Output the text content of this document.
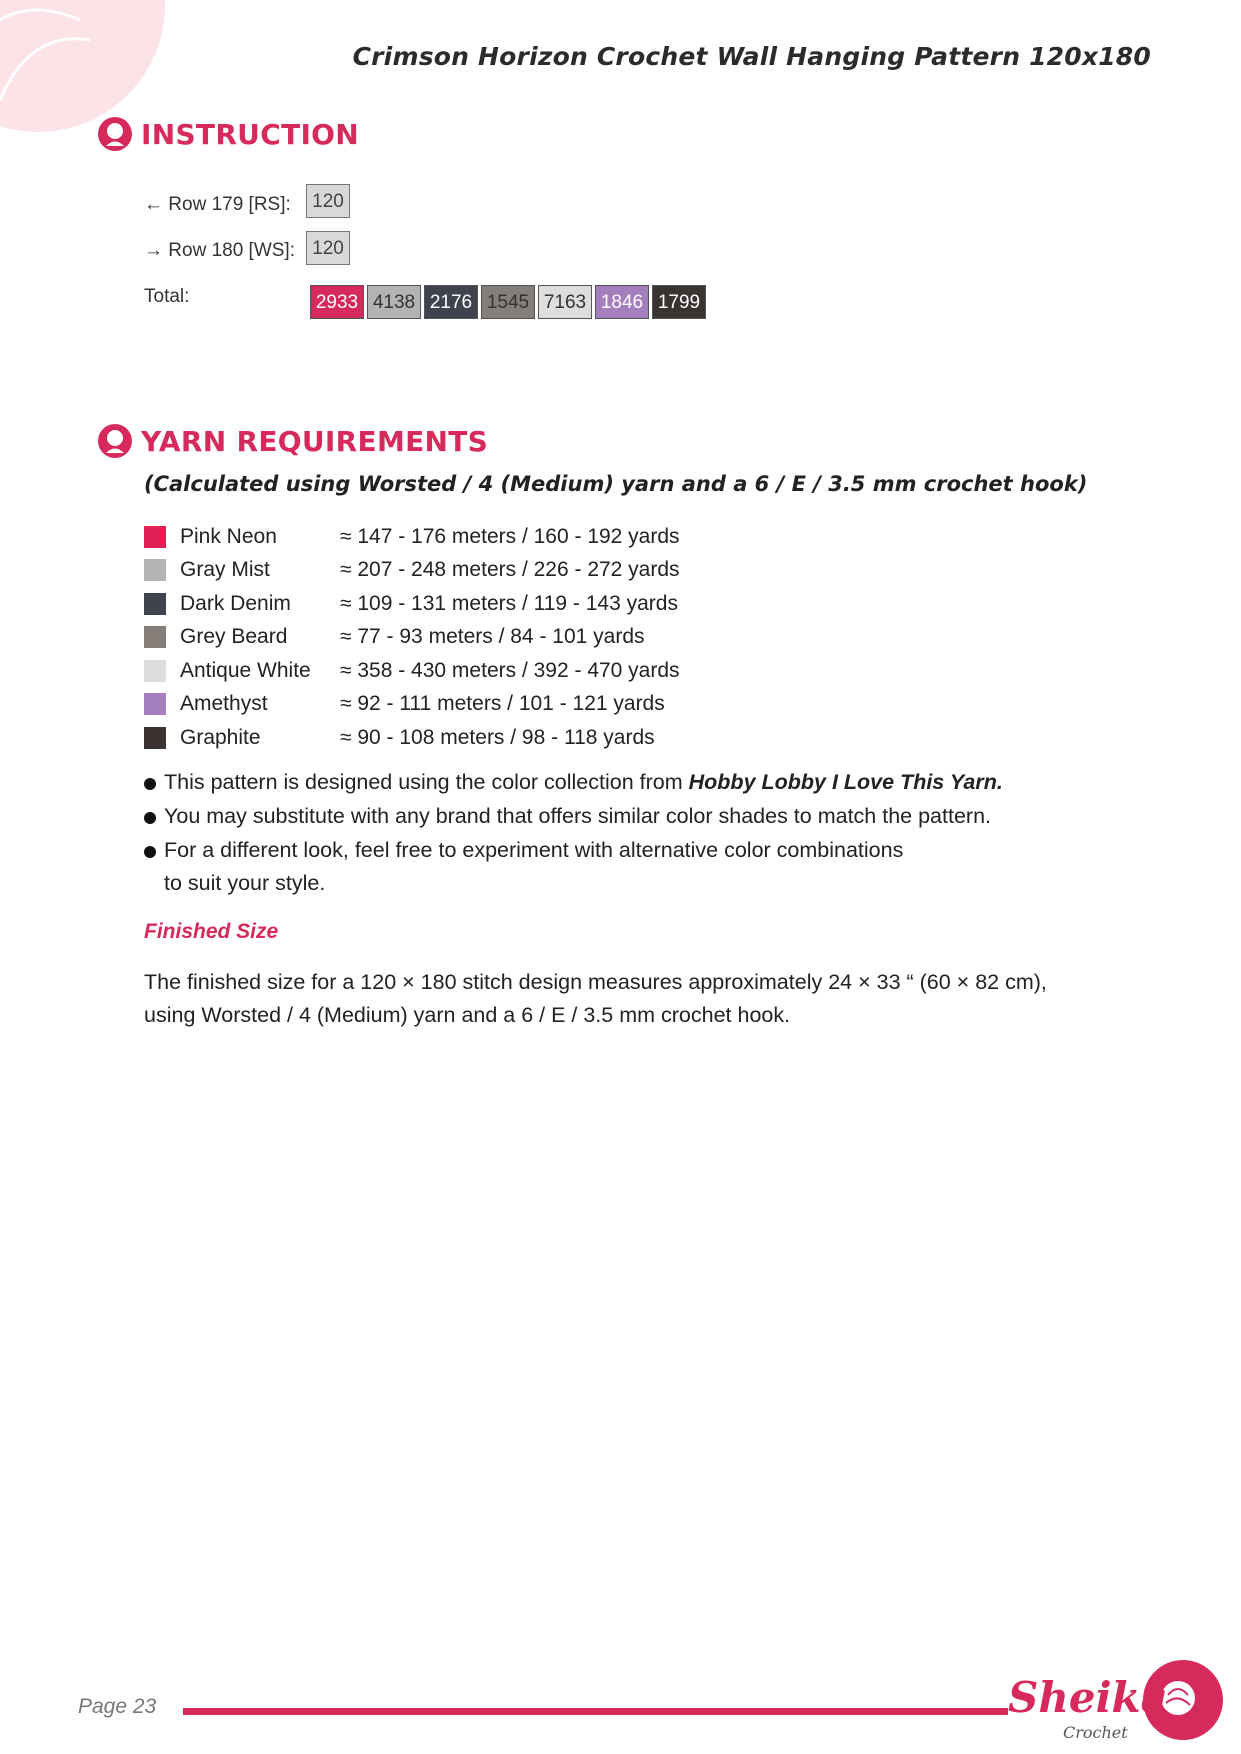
Crimson Horizon Crochet Wall Hanging Pattern 120x180
INSTRUCTION
← Row 179 [RS]:	120
→ Row 180 [WS]: 120
Total:	2933 4138 2176 1545 7163 1846 1799
YARN REQUIREMENTS

(Calculated using Worsted / 4 (Medium) yarn and a 6 / E / 3.5 mm crochet hook)

Pink Neon	≈ 147 - 176 meters / 160 - 192 yards
Gray Mist	≈ 207 - 248 meters / 226 - 272 yards
Dark Denim	≈ 109 - 131 meters / 119 - 143 yards
Grey Beard	≈ 77 - 93 meters / 84 - 101 yards
Antique White	≈ 358 - 430 meters / 392 - 470 yards
Amethyst	≈ 92 - 111 meters / 101 - 121 yards
Graphite	≈ 90 - 108 meters / 98 - 118 yards
This pattern is designed using the color collection from Hobby Lobby I Love This Yarn.
You may substitute with any brand that offers similar color shades to match the pattern.
For a different look, feel free to experiment with alternative color combinations
to suit your style.
Finished Size

The finished size for a 120 × 180 stitch design measures approximately 24 × 33 “ (60 × 82 cm),
using Worsted / 4 (Medium) yarn and a 6 / E / 3.5 mm crochet hook.

Page 23	Sheika
Crochet
